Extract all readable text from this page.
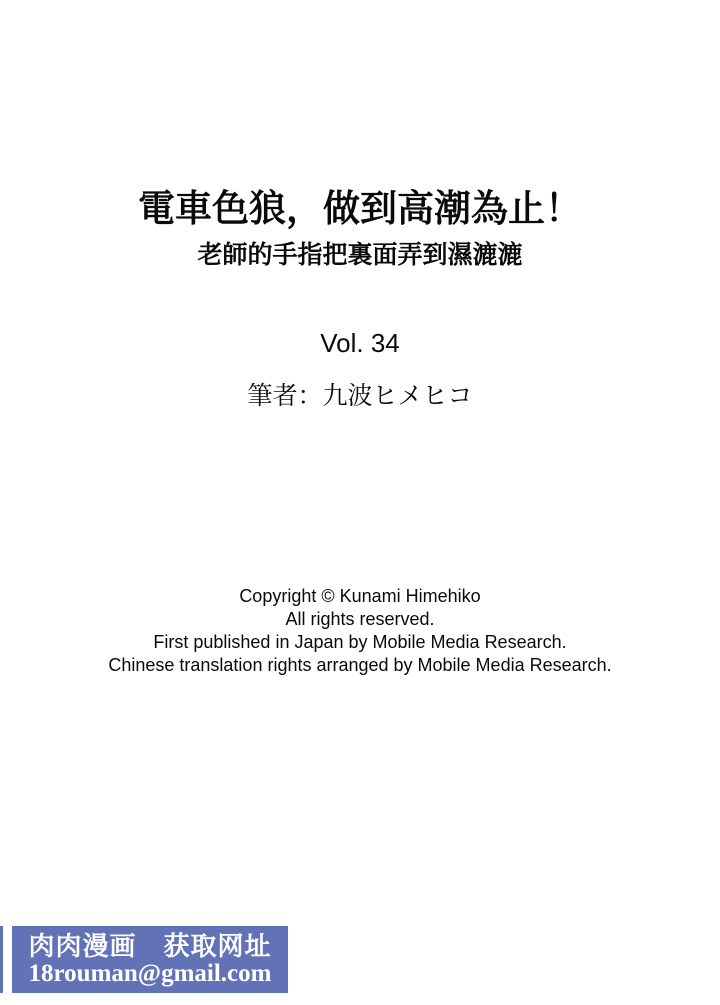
電車色狼，做到高潮為止！
老師的手指把裏面弄到濕漉漉
Vol. 34
筆者：九波ヒメヒコ
Copyright © Kunami Himehiko
All rights reserved.
First published in Japan by Mobile Media Research.
Chinese translation rights arranged by Mobile Media Research.
肉肉漫画　获取网址
18rouman@gmail.com
